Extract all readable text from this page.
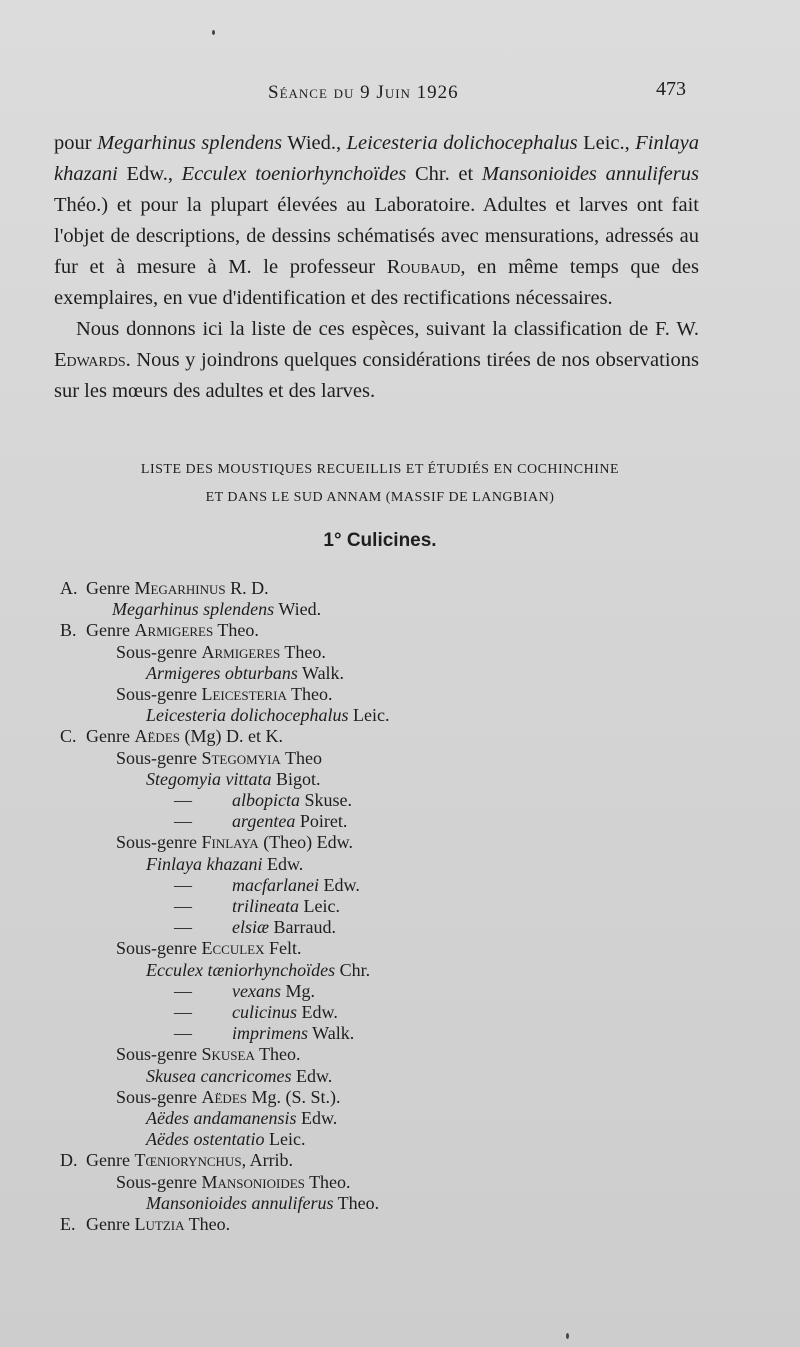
Séance du 9 Juin 1926	473

pour Megarhinus splendens Wied., Leicesteria dolichocephalus Leic., Finlaya khazani Edw., Ecculex toeniorhynchoïdes Chr. et Mansonioides annuliferus Théo.) et pour la plupart élevées au Laboratoire. Adultes et larves ont fait l'objet de descriptions, de dessins schématisés avec mensurations, adressés au fur et à mesure à M. le professeur Roubaud, en même temps que des exemplaires, en vue d'identification et des rectifications nécessaires.

Nous donnons ici la liste de ces espèces, suivant la classification de F. W. Edwards. Nous y joindrons quelques considérations tirées de nos observations sur les mœurs des adultes et des larves.

LISTE DES MOUSTIQUES RECUEILLIS ET ÉTUDIÉS EN COCHINCHINE
ET DANS LE SUD ANNAM (MASSIF DE LANGBIAN)
1° Culicines.
A. Genre Megarhinus R. D.
Megarhinus splendens Wied.
B. Genre Armigeres Theo.
Sous-genre Armigeres Theo.
Armigeres obturbans Walk.
Sous-genre Leicesteria Theo.
Leicesteria dolichocephalus Leic.
C. Genre Aëdes (Mg) D. et K.
Sous-genre Stegomyia Theo
Stegomyia vittata Bigot.
— albopicta Skuse.
— argentea Poiret.
Sous-genre Finlaya (Theo) Edw.
Finlaya khazani Edw.
— macfarlanei Edw.
— trilineata Leic.
— elsiæ Barraud.
Sous-genre Ecculex Felt.
Ecculex tæniorhynchoïdes Chr.
— vexans Mg.
— culicinus Edw.
— imprimens Walk.
Sous-genre Skusea Theo.
Skusea cancricomes Edw.
Sous-genre Aëdes Mg. (S. St.).
Aëdes andamanensis Edw.
Aëdes ostentatio Leic.
D. Genre Tœniorynchus, Arrib.
Sous-genre Mansonioides Theo.
Mansonioides annuliferus Theo.
E. Genre Lutzia Theo.
